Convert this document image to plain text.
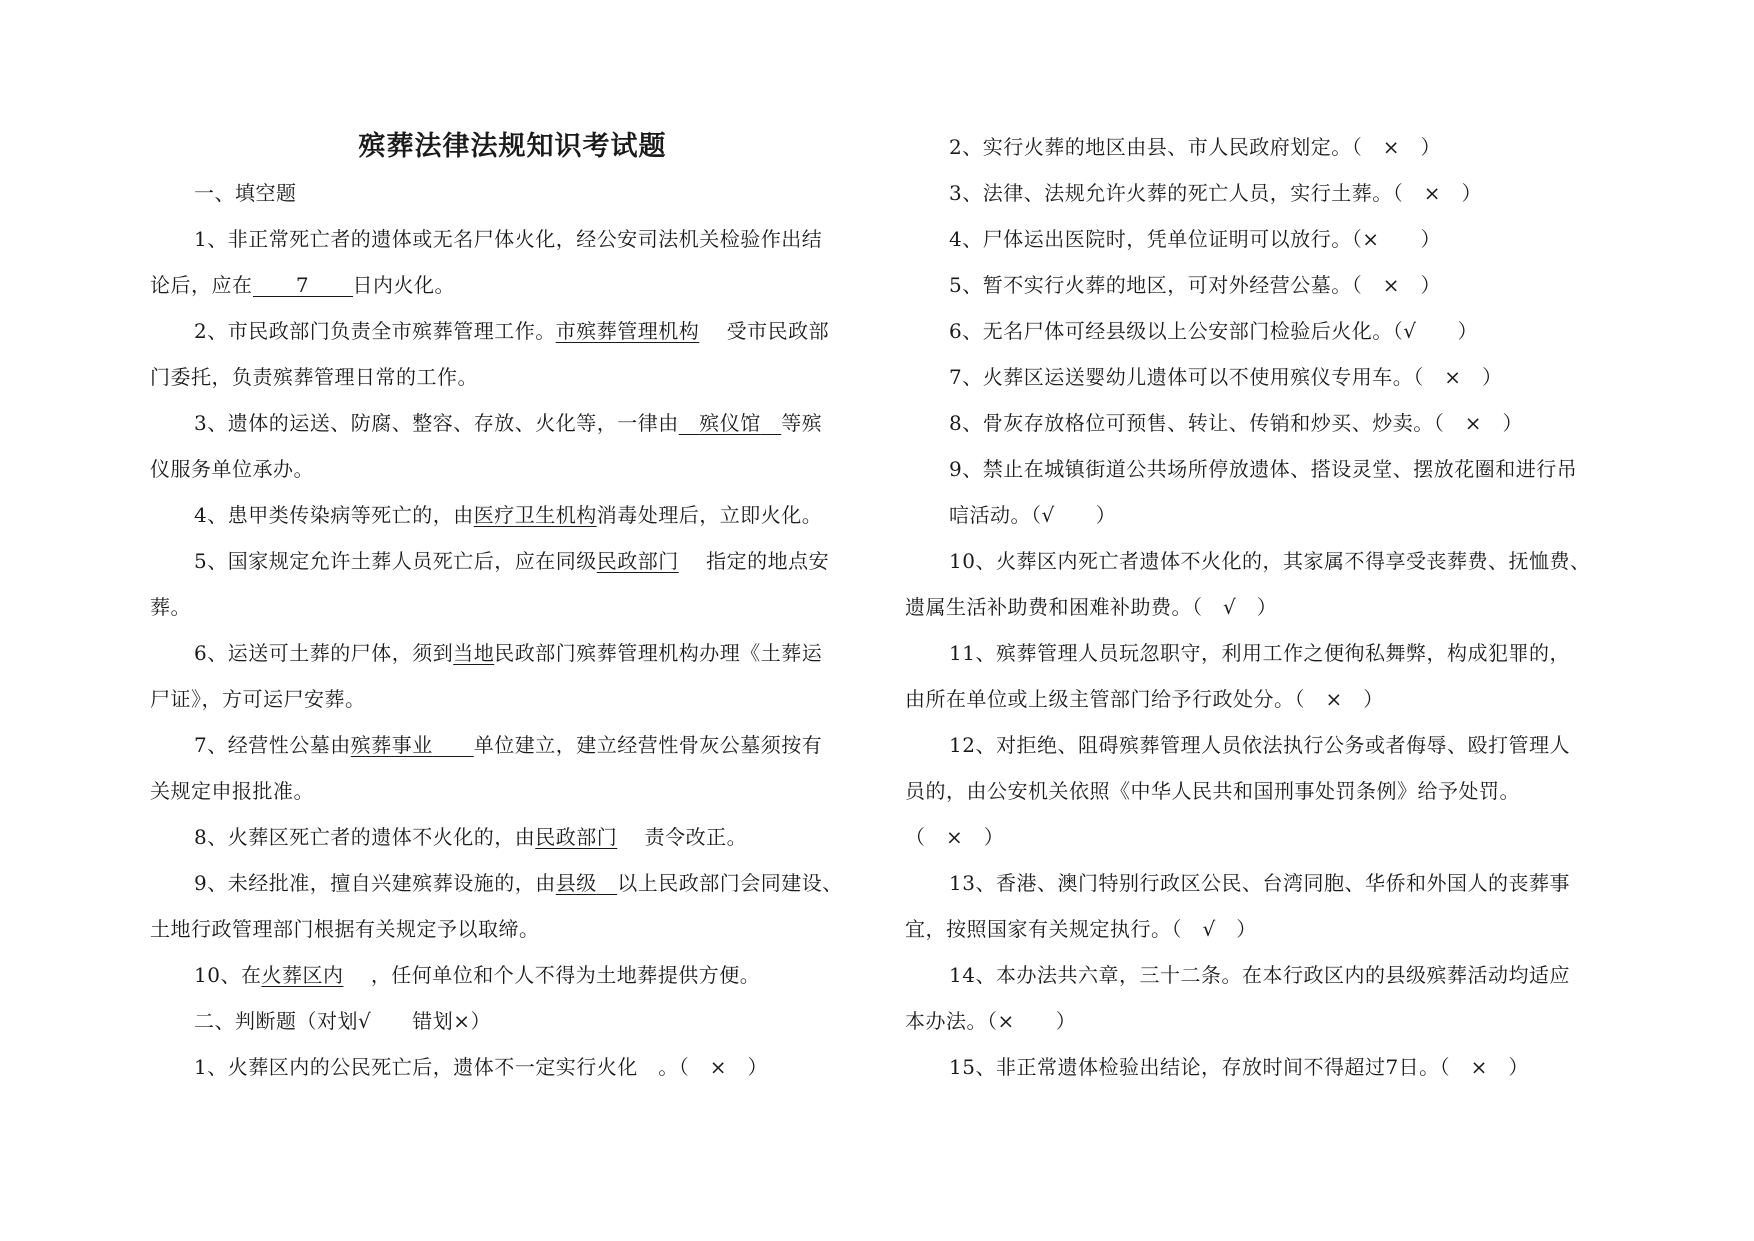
殡葬法律法规知识考试题
一、填空题
1、非正常死亡者的遗体或无名尸体火化，经公安司法机关检验作出结
论后，应在 7 日内火化。
2、市民政部门负责全市殡葬管理工作。市殡葬管理机构　 受市民政部
门委托，负责殡葬管理日常的工作。
3、遗体的运送、防腐、整容、存放、火化等，一律由　 殡仪馆　 等殡
仪服务单位承办。
4、患甲类传染病等死亡的，由医疗卫生机构消毒处理后，立即火化。
5、国家规定允许土葬人员死亡后，应在同级民政部门　 指定的地点安
葬。
6、运送可土葬的尸体，须到当地民政部门殡葬管理机构办理《土葬运
尸证》，方可运尸安葬。
7、经营性公墓由殡葬事业　　 单位建立，建立经营性骨灰公墓须按有
关规定申报批准。
8、火葬区死亡者的遗体不火化的，由民政部门　 责令改正。
9、未经批准，擅自兴建殡葬设施的，由县级　 以上民政部门会同建设、
土地行政管理部门根据有关规定予以取缔。
10、在火葬区内　 ，任何单位和个人不得为土地葬提供方便。
二、判断题（对划√　　错划×）
1、火葬区内的公民死亡后，遗体不一定实行火化　。（　×　）
2、实行火葬的地区由县、市人民政府划定。（　×　）
3、法律、法规允许火葬的死亡人员，实行土葬。（　×　）
4、尸体运出医院时，凭单位证明可以放行。（×　　）
5、暂不实行火葬的地区，可对外经营公墓。（　×　）
6、无名尸体可经县级以上公安部门检验后火化。（√　　）
7、火葬区运送婴幼儿遗体可以不使用殡仪专用车。（　×　）
8、骨灰存放格位可预售、转让、传销和炒买、炒卖。（　×　）
9、禁止在城镇街道公共场所停放遗体、搭设灵堂、摆放花圈和进行吊
唁活动。（√　　）
10、火葬区内死亡者遗体不火化的，其家属不得享受丧葬费、抚恤费、
遗属生活补助费和困难补助费。（　√　）
11、殡葬管理人员玩忽职守，利用工作之便徇私舞弊，构成犯罪的，
由所在单位或上级主管部门给予行政处分。（　×　）
12、对拒绝、阻碍殡葬管理人员依法执行公务或者侮辱、殴打管理人
员的，由公安机关依照《中华人民共和国刑事处罚条例》给予处罚。
（　×　）
13、香港、澳门特别行政区公民、台湾同胞、华侨和外国人的丧葬事
宜，按照国家有关规定执行。（　√　）
14、本办法共六章，三十二条。在本行政区内的县级殡葬活动均适应
本办法。（×　　）
15、非正常遗体检验出结论，存放时间不得超过7日。（　×　）
